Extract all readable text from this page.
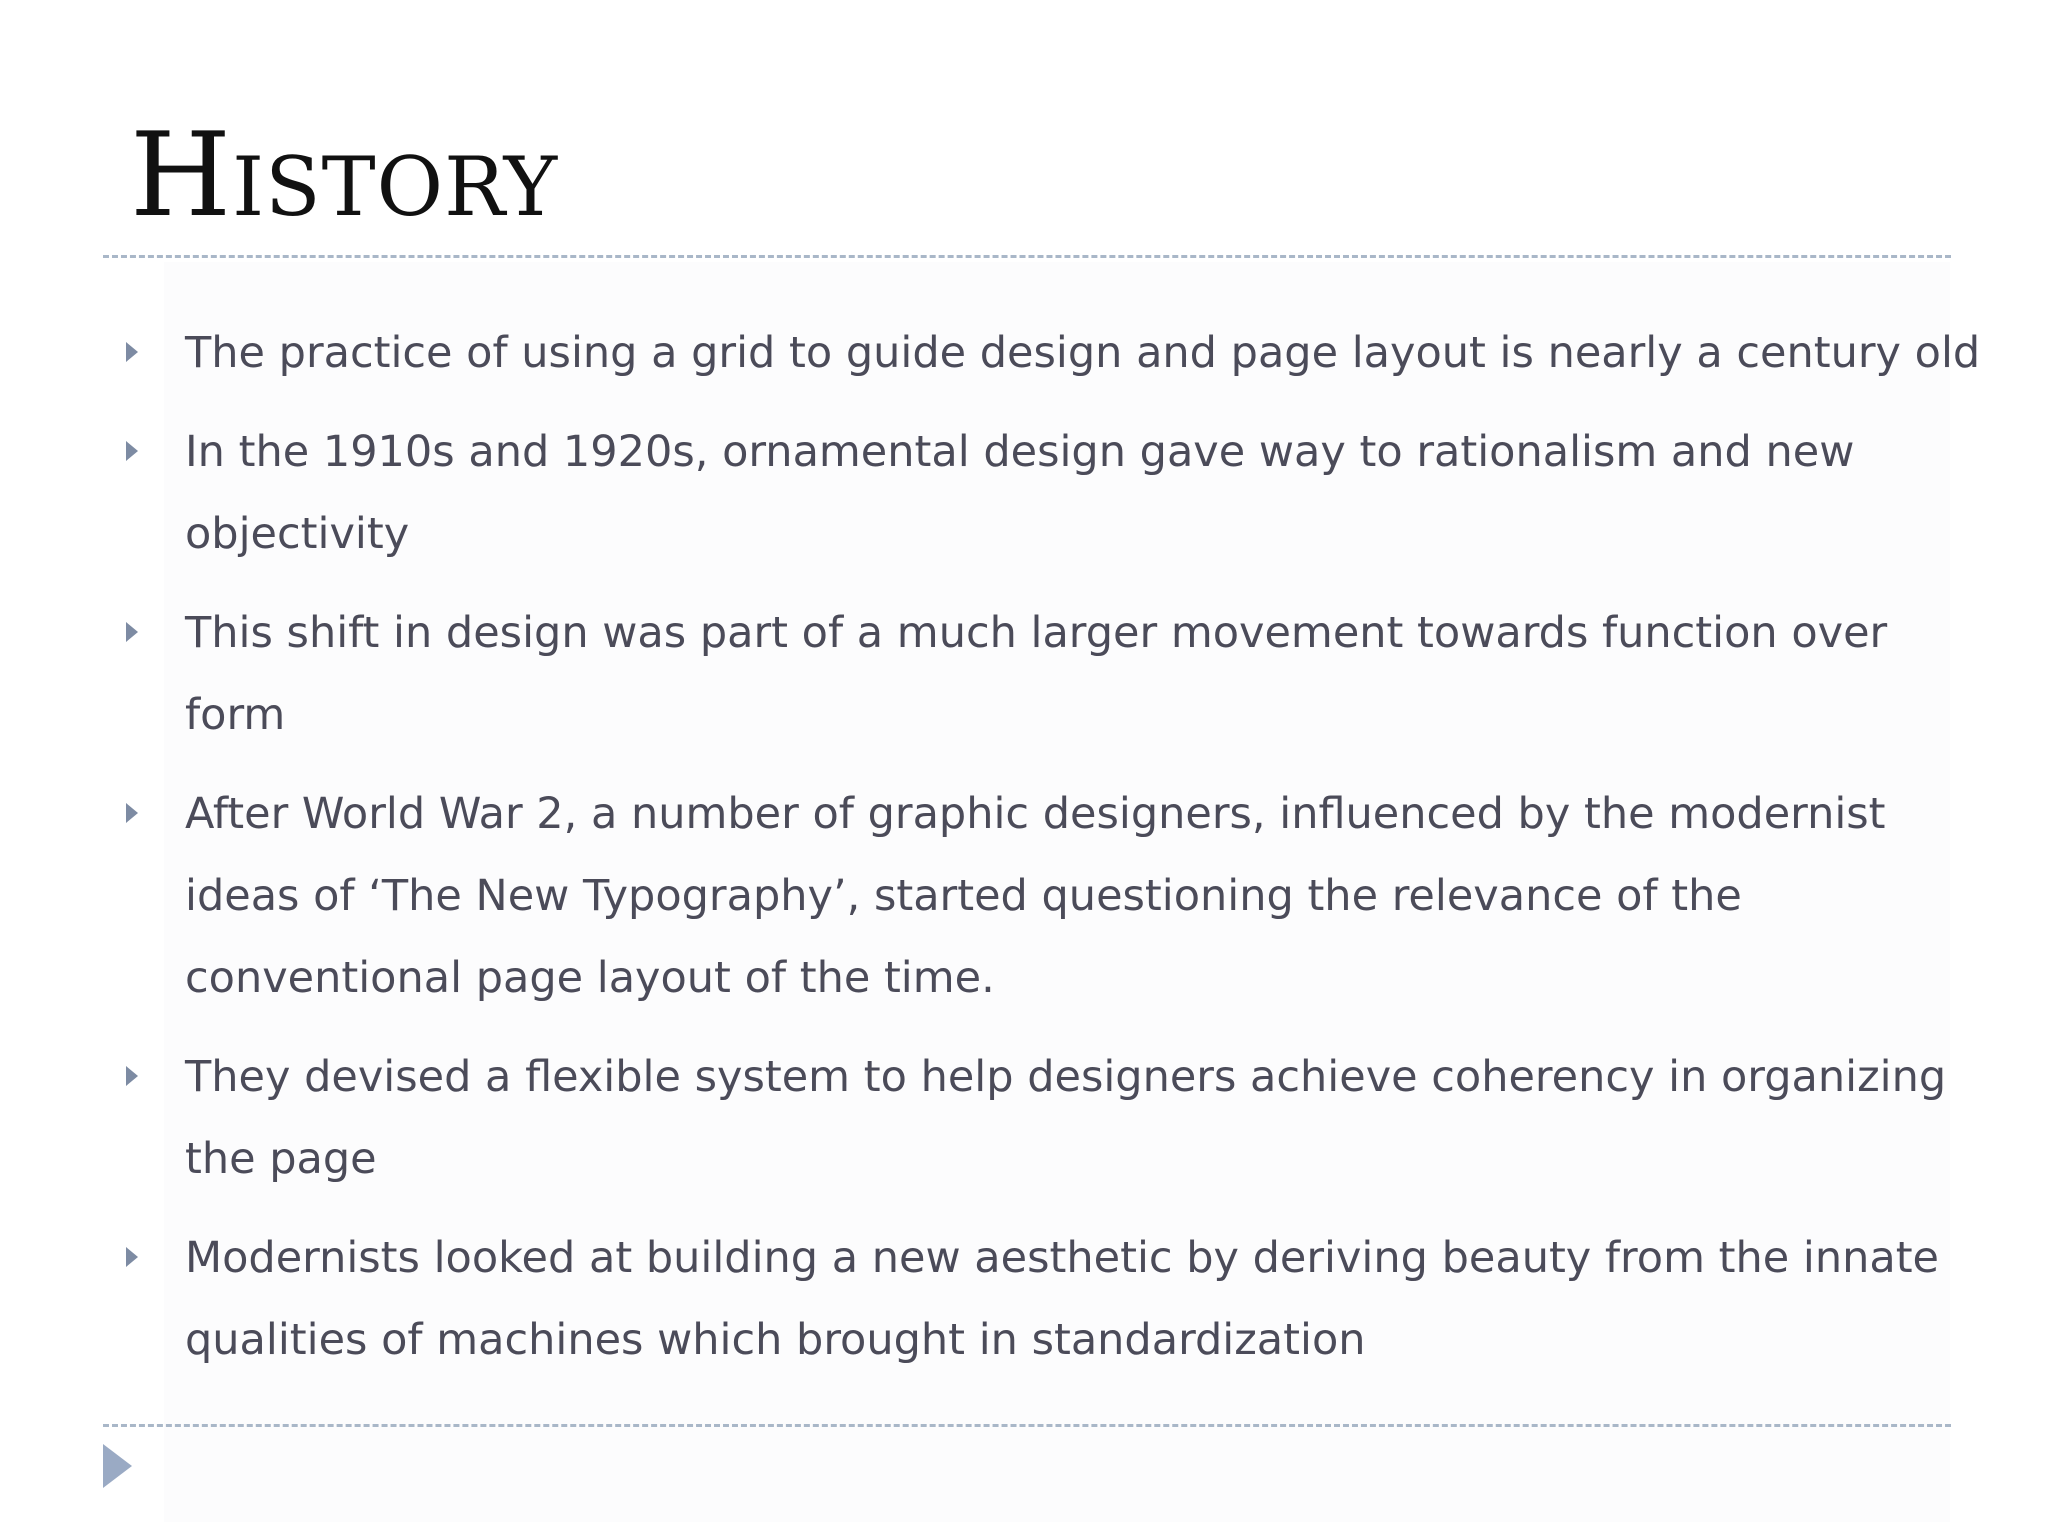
History
The practice of using a grid to guide design and page layout is nearly a century old
In the 1910s and 1920s, ornamental design gave way to rationalism and new objectivity
This shift in design was part of a much larger movement towards function over form
After World War 2, a number of graphic designers, influenced by the modernist ideas of ‘The New Typography’, started questioning the relevance of the conventional page layout of the time.
They devised a flexible system to help designers achieve coherency in organizing the page
Modernists looked at building a new aesthetic by deriving beauty from the innate qualities of machines which brought in standardization
